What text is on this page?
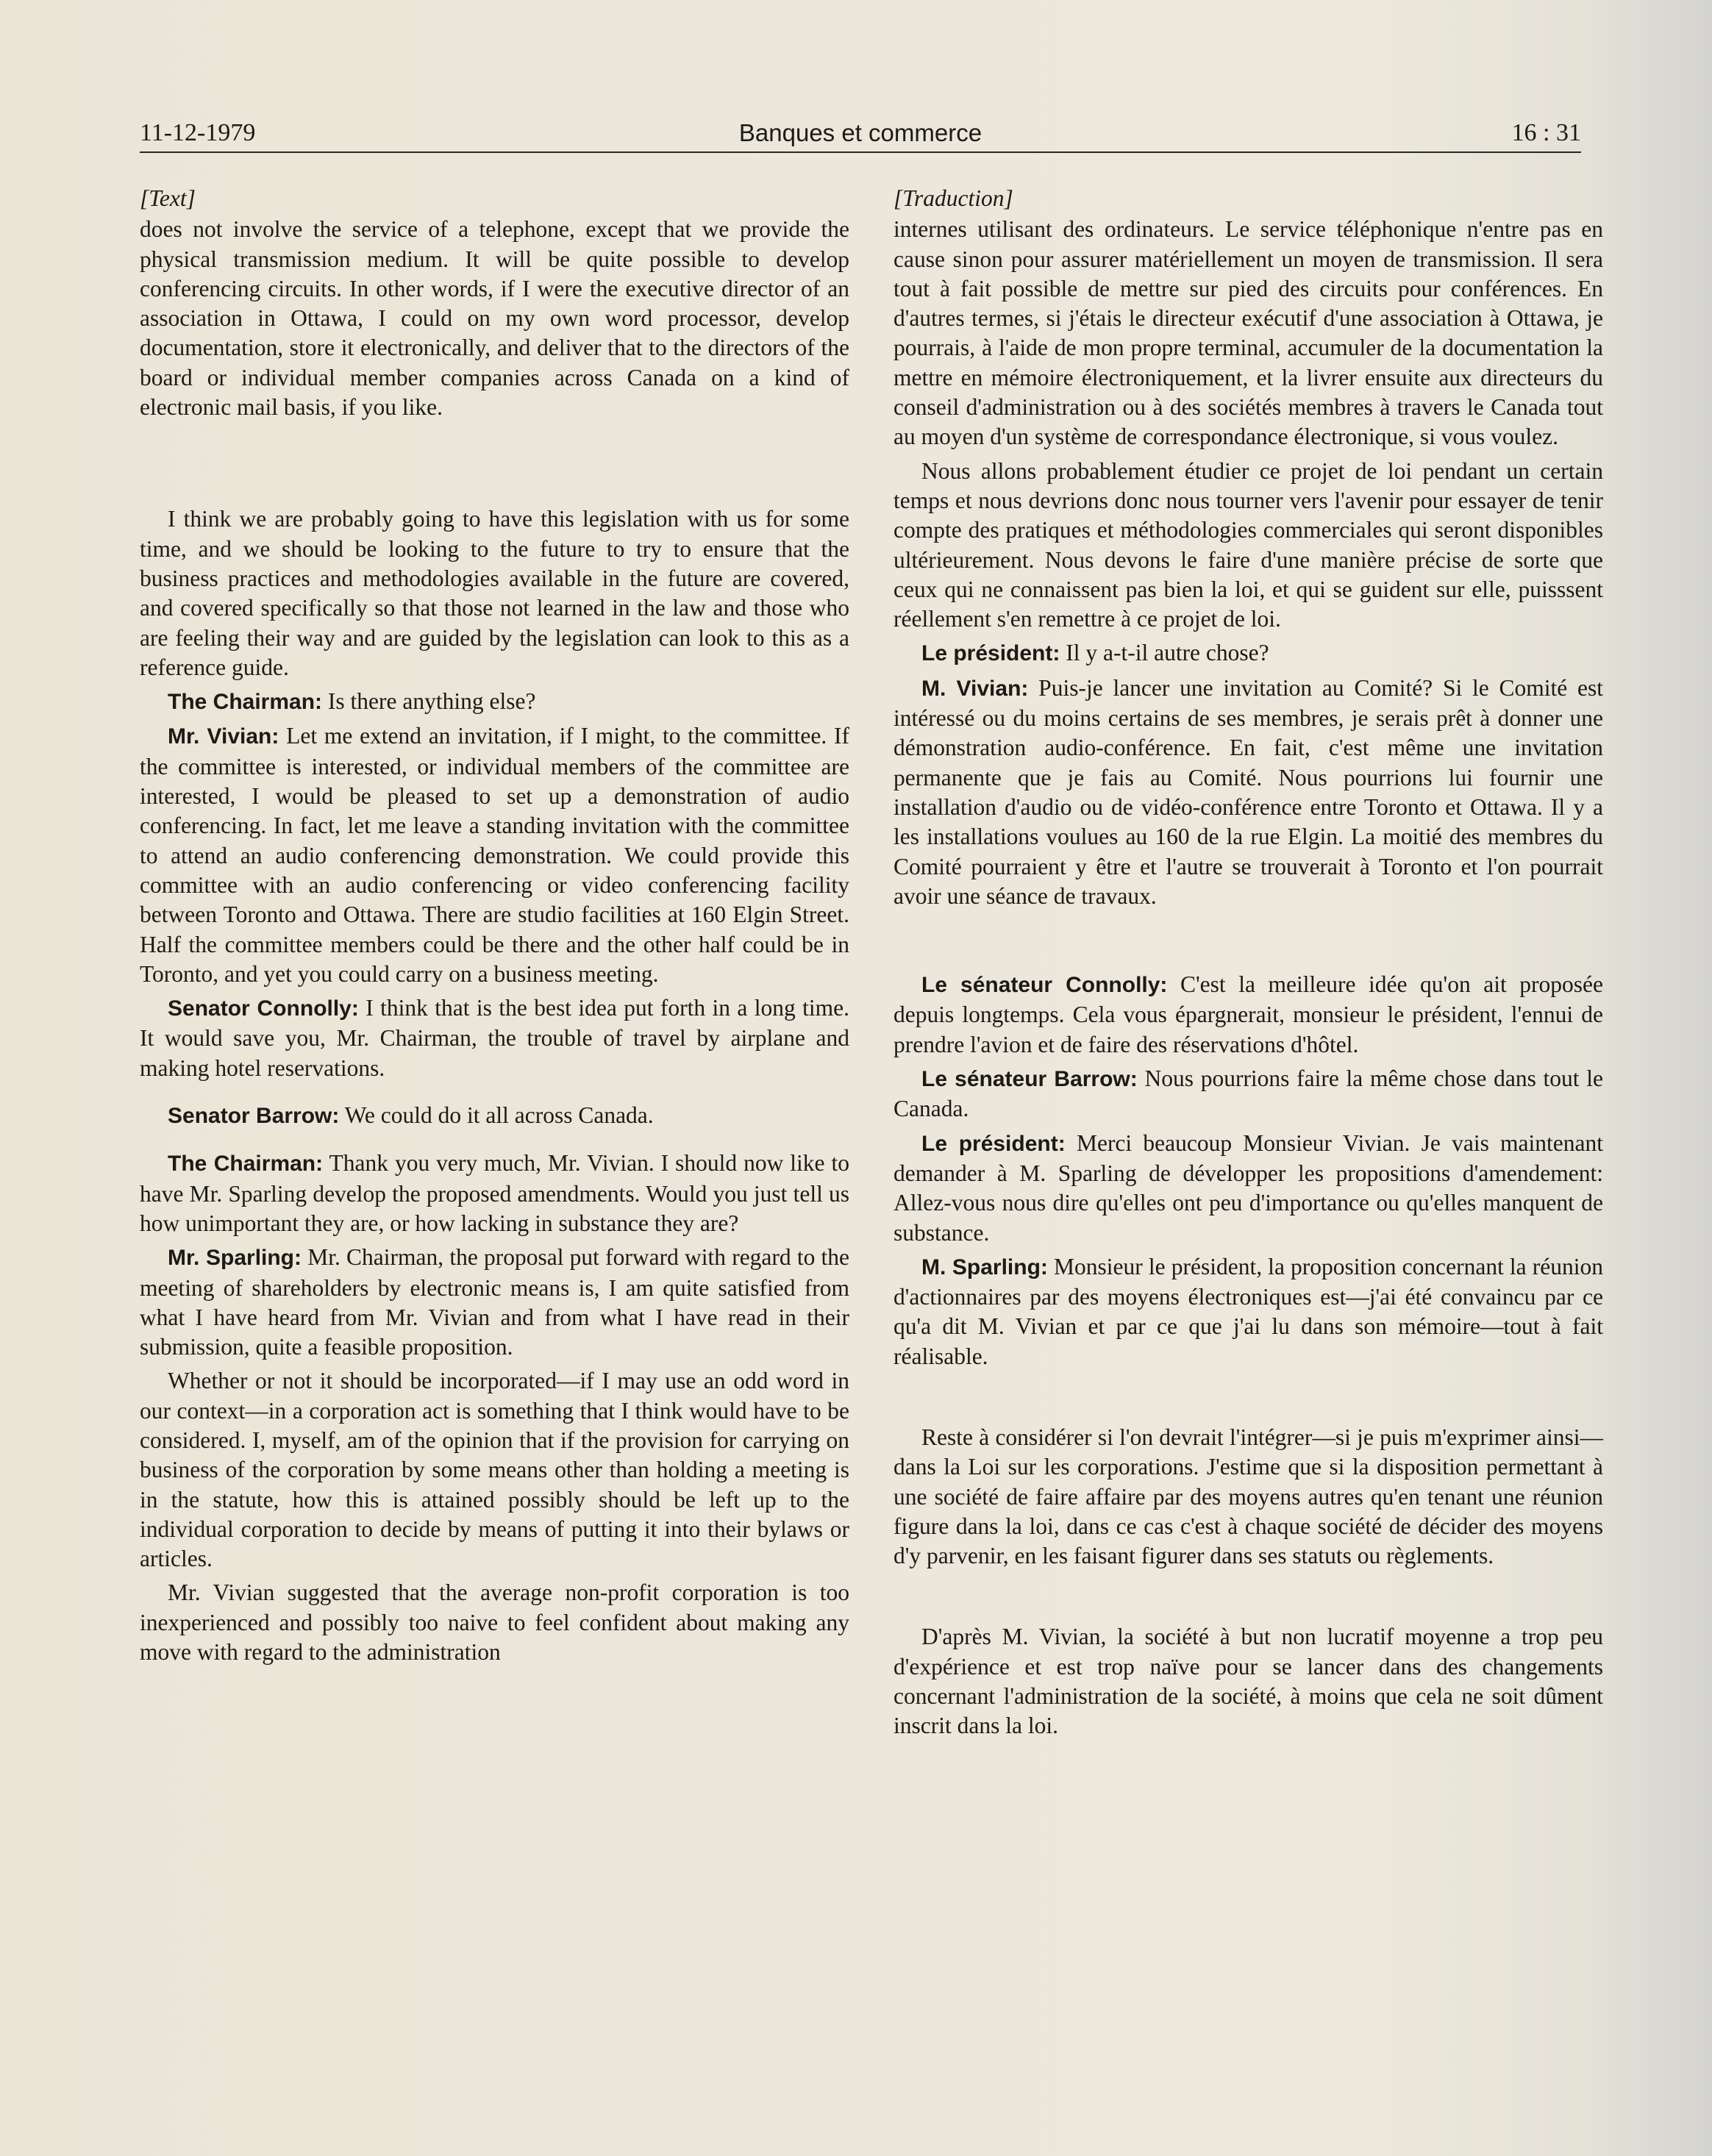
11-12-1979	Banques et commerce	16 : 31

[Text]

does not involve the service of a telephone, except that we provide the physical transmission medium. It will be quite possible to develop conferencing circuits. In other words, if I were the executive director of an association in Ottawa, I could on my own word processor, develop documentation, store it electronically, and deliver that to the directors of the board or individual member companies across Canada on a kind of electronic mail basis, if you like.

I think we are probably going to have this legislation with us for some time, and we should be looking to the future to try to ensure that the business practices and methodologies available in the future are covered, and covered specifically so that those not learned in the law and those who are feeling their way and are guided by the legislation can look to this as a reference guide.

The Chairman: Is there anything else?

Mr. Vivian: Let me extend an invitation, if I might, to the committee. If the committee is interested, or individual members of the committee are interested, I would be pleased to set up a demonstration of audio conferencing. In fact, let me leave a standing invitation with the committee to attend an audio conferencing demonstration. We could provide this committee with an audio conferencing or video conferencing facility between Toronto and Ottawa. There are studio facilities at 160 Elgin Street. Half the committee members could be there and the other half could be in Toronto, and yet you could carry on a business meeting.

Senator Connolly: I think that is the best idea put forth in a long time. It would save you, Mr. Chairman, the trouble of travel by airplane and making hotel reservations.

Senator Barrow: We could do it all across Canada.

The Chairman: Thank you very much, Mr. Vivian. I should now like to have Mr. Sparling develop the proposed amendments. Would you just tell us how unimportant they are, or how lacking in substance they are?

Mr. Sparling: Mr. Chairman, the proposal put forward with regard to the meeting of shareholders by electronic means is, I am quite satisfied from what I have heard from Mr. Vivian and from what I have read in their submission, quite a feasible proposition.

Whether or not it should be incorporated—if I may use an odd word in our context—in a corporation act is something that I think would have to be considered. I, myself, am of the opinion that if the provision for carrying on business of the corporation by some means other than holding a meeting is in the statute, how this is attained possibly should be left up to the individual corporation to decide by means of putting it into their bylaws or articles.

Mr. Vivian suggested that the average non-profit corporation is too inexperienced and possibly too naive to feel confident about making any move with regard to the administration

[Traduction]

internes utilisant des ordinateurs. Le service téléphonique n'entre pas en cause sinon pour assurer matériellement un moyen de transmission. Il sera tout à fait possible de mettre sur pied des circuits pour conférences. En d'autres termes, si j'étais le directeur exécutif d'une association à Ottawa, je pourrais, à l'aide de mon propre terminal, accumuler de la documentation la mettre en mémoire électroniquement, et la livrer ensuite aux directeurs du conseil d'administration ou à des sociétés membres à travers le Canada tout au moyen d'un système de correspondance électronique, si vous voulez.

Nous allons probablement étudier ce projet de loi pendant un certain temps et nous devrions donc nous tourner vers l'avenir pour essayer de tenir compte des pratiques et méthodologies commerciales qui seront disponibles ultérieurement. Nous devons le faire d'une manière précise de sorte que ceux qui ne connaissent pas bien la loi, et qui se guident sur elle, puisssent réellement s'en remettre à ce projet de loi.

Le président: Il y a-t-il autre chose?

M. Vivian: Puis-je lancer une invitation au Comité? Si le Comité est intéressé ou du moins certains de ses membres, je serais prêt à donner une démonstration audio-conférence. En fait, c'est même une invitation permanente que je fais au Comité. Nous pourrions lui fournir une installation d'audio ou de vidéo-conférence entre Toronto et Ottawa. Il y a les installations voulues au 160 de la rue Elgin. La moitié des membres du Comité pourraient y être et l'autre se trouverait à Toronto et l'on pourrait avoir une séance de travaux.

Le sénateur Connolly: C'est la meilleure idée qu'on ait proposée depuis longtemps. Cela vous épargnerait, monsieur le président, l'ennui de prendre l'avion et de faire des réservations d'hôtel.

Le sénateur Barrow: Nous pourrions faire la même chose dans tout le Canada.

Le président: Merci beaucoup Monsieur Vivian. Je vais maintenant demander à M. Sparling de développer les propositions d'amendement: Allez-vous nous dire qu'elles ont peu d'importance ou qu'elles manquent de substance.

M. Sparling: Monsieur le président, la proposition concernant la réunion d'actionnaires par des moyens électroniques est—j'ai été convaincu par ce qu'a dit M. Vivian et par ce que j'ai lu dans son mémoire—tout à fait réalisable.

Reste à considérer si l'on devrait l'intégrer—si je puis m'exprimer ainsi—dans la Loi sur les corporations. J'estime que si la disposition permettant à une société de faire affaire par des moyens autres qu'en tenant une réunion figure dans la loi, dans ce cas c'est à chaque société de décider des moyens d'y parvenir, en les faisant figurer dans ses statuts ou règlements.

D'après M. Vivian, la société à but non lucratif moyenne a trop peu d'expérience et est trop naïve pour se lancer dans des changements concernant l'administration de la société, à moins que cela ne soit dûment inscrit dans la loi.
